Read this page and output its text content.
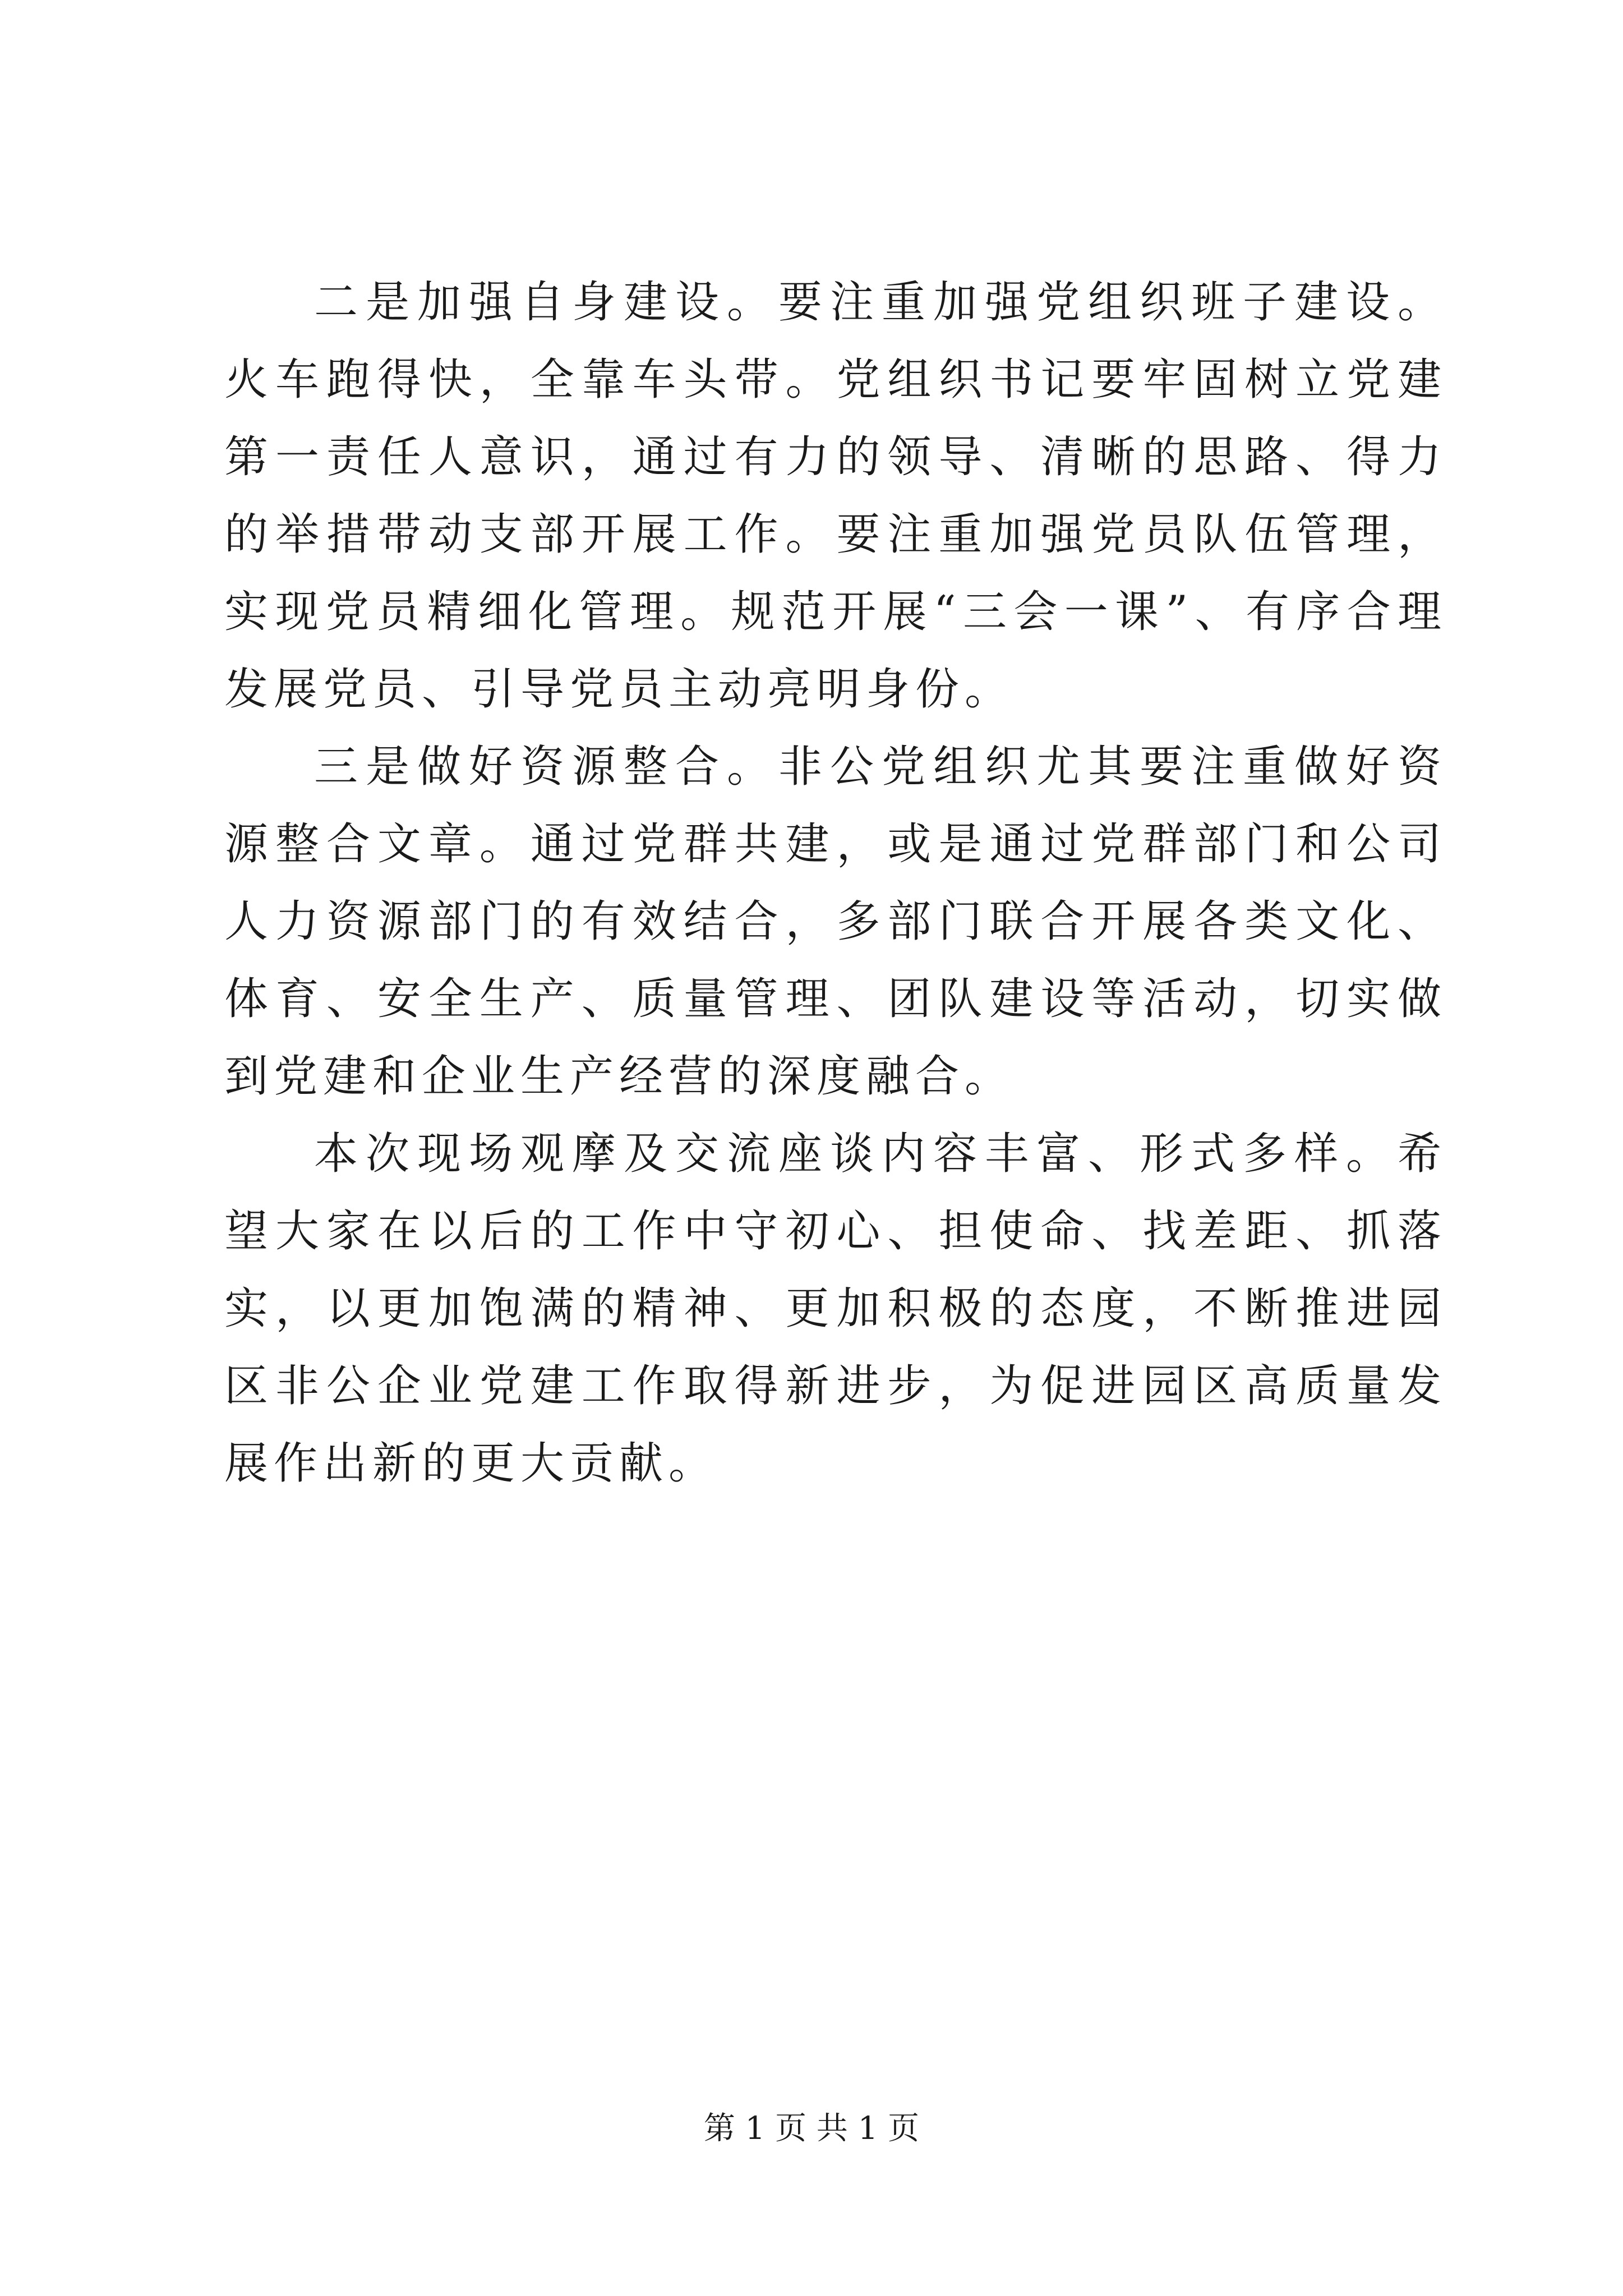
二是加强自身建设。要注重加强党组织班子建设。火车跑得快，全靠车头带。党组织书记要牢固树立党建第一责任人意识，通过有力的领导、清晰的思路、得力的举措带动支部开展工作。要注重加强党员队伍管理，实现党员精细化管理。规范开展“三会一课”、有序合理发展党员、引导党员主动亮明身份。

三是做好资源整合。非公党组织尤其要注重做好资源整合文章。通过党群共建，或是通过党群部门和公司人力资源部门的有效结合，多部门联合开展各类文化、体育、安全生产、质量管理、团队建设等活动，切实做到党建和企业生产经营的深度融合。

本次现场观摩及交流座谈内容丰富、形式多样。希望大家在以后的工作中守初心、担使命、找差距、抓落实，以更加饱满的精神、更加积极的态度，不断推进园区非公企业党建工作取得新进步，为促进园区高质量发展作出新的更大贡献。

第 1 页 共 1 页
